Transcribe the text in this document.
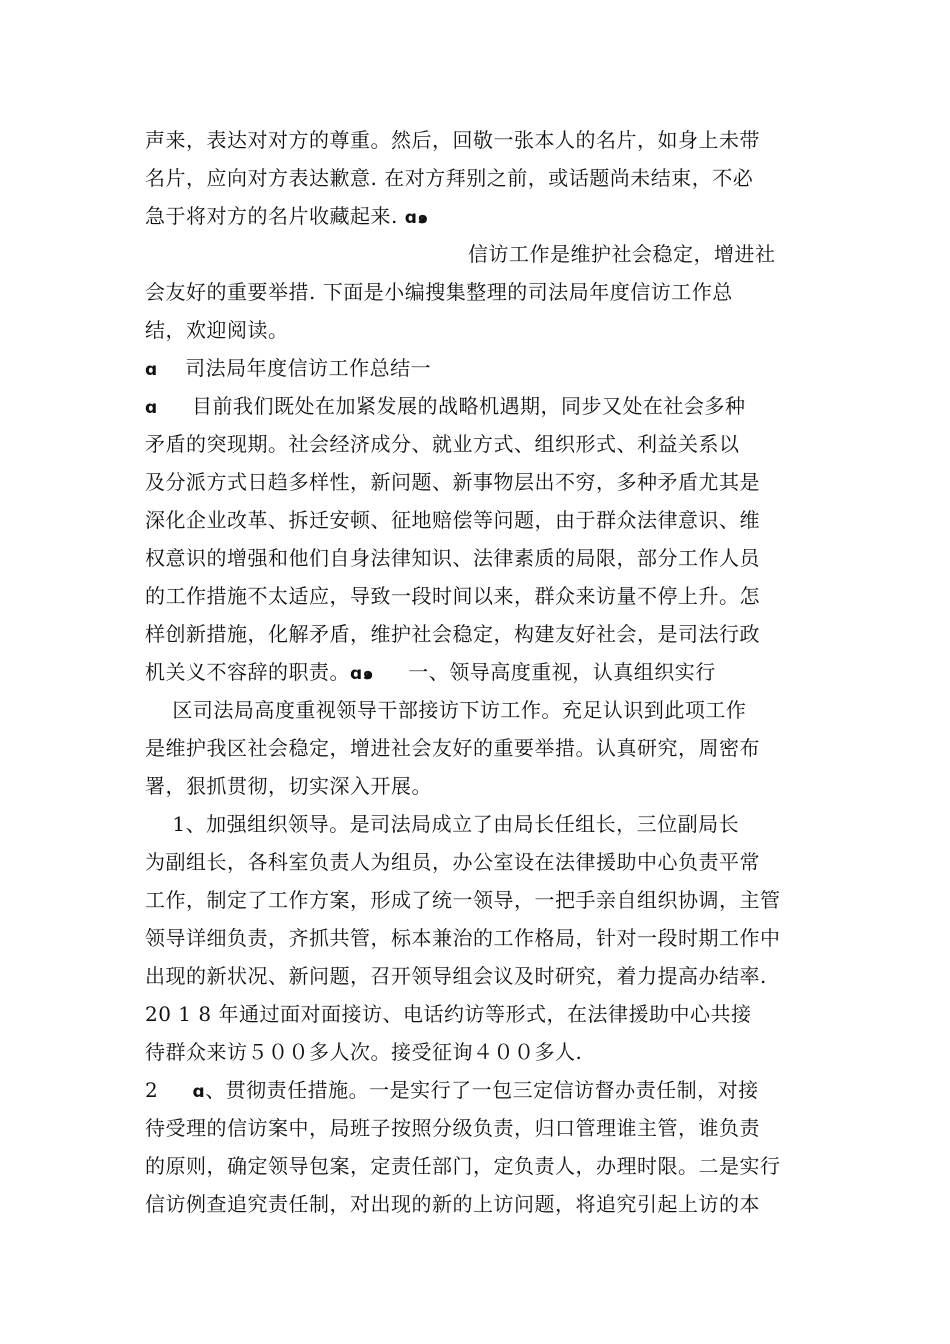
声来，表达对对方的尊重。然后，回敬一张本人的名片，如身上未带
名片，应向对方表达歉意. 在对方拜别之前，或话题尚未结束，不必
急于将对方的名片收藏起来. ɑ๑
信访工作是维护社会稳定，增进社
会友好的重要举措. 下面是小编搜集整理的司法局年度信访工作总
结，欢迎阅读。
ɑ    司法局年度信访工作总结一
ɑ     目前我们既处在加紧发展的战略机遇期，同步又处在社会多种
矛盾的突现期。社会经济成分、就业方式、组织形式、利益关系以
及分派方式日趋多样性，新问题、新事物层出不穷，多种矛盾尤其是
深化企业改革、拆迁安顿、征地赔偿等问题，由于群众法律意识、维
权意识的增强和他们自身法律知识、法律素质的局限，部分工作人员
的工作措施不太适应，导致一段时间以来，群众来访量不停上升。怎
样创新措施，化解矛盾，维护社会稳定，构建友好社会，是司法行政
机关义不容辞的职责。ɑ๑     一、领导高度重视，认真组织实行
区司法局高度重视领导干部接访下访工作。充足认识到此项工作
是维护我区社会稳定，增进社会友好的重要举措。认真研究，周密布
署，狠抓贯彻，切实深入开展。
1、加强组织领导。是司法局成立了由局长任组长，三位副局长
为副组长，各科室负责人为组员，办公室设在法律援助中心负责平常
工作，制定了工作方案，形成了统一领导，一把手亲自组织协调，主管
领导详细负责，齐抓共管，标本兼治的工作格局，针对一段时期工作中
出现的新状况、新问题，召开领导组会议及时研究，着力提高办结率.
20 1 8 年通过面对面接访、电话约访等形式，在法律援助中心共接
待群众来访５００多人次。接受征询４００多人.
2     ɑ、贯彻责任措施。一是实行了一包三定信访督办责任制，对接
待受理的信访案中，局班子按照分级负责，归口管理谁主管，谁负责
的原则，确定领导包案，定责任部门，定负责人，办理时限。二是实行
信访例查追究责任制，对出现的新的上访问题，将追究引起上访的本
